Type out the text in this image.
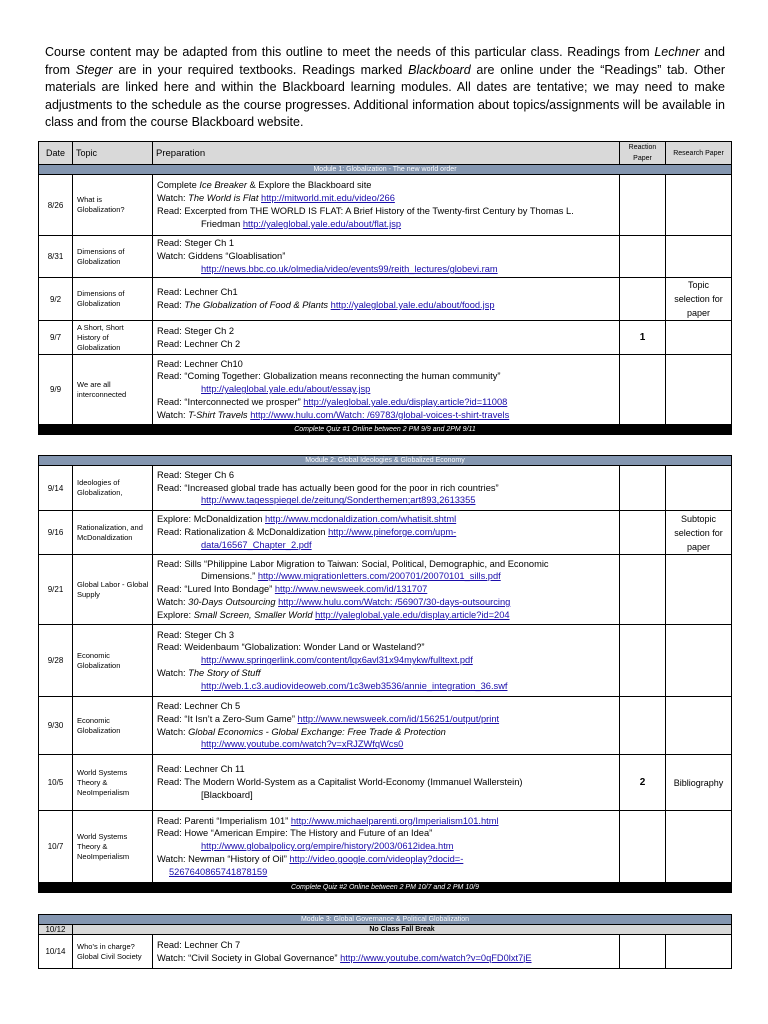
Course content may be adapted from this outline to meet the needs of this particular class. Readings from Lechner and from Steger are in your required textbooks. Readings marked Blackboard are online under the “Readings” tab. Other materials are linked here and within the Blackboard learning modules. All dates are tentative; we may need to make adjustments to the schedule as the course progresses. Additional information about topics/assignments will be available in class and from the course Blackboard website.
Date	Topic	Preparation	Reaction Paper	Research Paper
Module 1: Globalization - The new world order				
8/26	What is Globalization?	Complete Ice Breaker & Explore the Blackboard site
Watch: The World is Flat http://mitworld.mit.edu/video/266
Read: Excerpted from THE WORLD IS FLAT: A Brief History of the Twenty-first Century by Thomas L.
Friedman http://yaleglobal.yale.edu/about/flat.jsp		

8/31	Dimensions of Globalization	Read: Steger Ch 1
Watch: Giddens “Gloablisation”
http://news.bbc.co.uk/olmedia/video/events99/reith_lectures/globevi.ram		

9/2	Dimensions of Globalization	Read: Lechner Ch1
Read: The Globalization of Food & Plants http://yaleglobal.yale.edu/about/food.jsp		Topic selection for paper
9/7	A Short, Short History of Globalization	Read: Steger Ch 2
Read: Lechner Ch 2	1	
9/9	We are all interconnected	Read: Lechner Ch10
Read: “Coming Together: Globalization means reconnecting the human community”
http://yaleglobal.yale.edu/about/essay.jsp
Read: “Interconnected we prosper” http://yaleglobal.yale.edu/display.article?id=11008
Watch: T-Shirt Travels http://www.hulu.com/Watch: /69783/global-voices-t-shirt-travels		

Complete Quiz #1 Online between 2 PM 9/9 and 2PM 9/11				
Module 2: Global Ideologies & Globalized Economy				
9/14	Ideologies of Globalization,	Read: Steger Ch 6
Read: “Increased global trade has actually been good for the poor in rich countries”
http://www.tagesspiegel.de/zeitung/Sonderthemen;art893,2613355		

9/16	Rationalization, and McDonaldization	Explore: McDonaldization http://www.mcdonaldization.com/whatisit.shtml
Read: Rationalization & McDonaldization http://www.pineforge.com/upm-
data/16567_Chapter_2.pdf		Subtopic selection for paper
9/21	Global Labor - Global Supply	Read: Sills “Philippine Labor Migration to Taiwan: Social, Political, Demographic, and Economic
Dimensions.” http://www.migrationletters.com/200701/20070101_sills.pdf
Read: “Lured Into Bondage” http://www.newsweek.com/id/131707
Watch: 30-Days Outsourcing http://www.hulu.com/Watch: /56907/30-days-outsourcing
Explore: Small Screen, Smaller World http://yaleglobal.yale.edu/display.article?id=204		

9/28	Economic Globalization	Read: Steger Ch 3
Read: Weidenbaum “Globalization: Wonder Land or Wasteland?”
http://www.springerlink.com/content/lqx6avl31x94mykw/fulltext.pdf
Watch: The Story of Stuff
http://web.1.c3.audiovideoweb.com/1c3web3536/annie_integration_36.swf		

9/30	Economic Globalization	Read: Lechner Ch 5
Read: “It Isn’t a Zero-Sum Game” http://www.newsweek.com/id/156251/output/print
Watch: Global Economics - Global Exchange: Free Trade & Protection
http://www.youtube.com/watch?v=xRJZWfqWcs0		

10/5	World Systems Theory & NeoImperialism	Read: Lechner Ch 11
Read: The Modern World-System as a Capitalist World-Economy (Immanuel Wallerstein)
[Blackboard]	2	Bibliography
10/7	World Systems Theory & NeoImperialism	Read: Parenti “Imperialism 101” http://www.michaelparenti.org/Imperialism101.html
Read: Howe “American Empire: The History and Future of an Idea”
http://www.globalpolicy.org/empire/history/2003/0612idea.htm
Watch: Newman “History of Oil” http://video.google.com/videoplay?docid=-
5267640865741878159		

Complete Quiz #2 Online between 2 PM 10/7 and 2 PM 10/9				
Module 3: Global Governance & Political Globalization				
10/12	No Class Fall Break			
10/14	Who’s in charge? Global Civil Society	Read: Lechner Ch 7
Watch: “Civil Society in Global Governance” http://www.youtube.com/watch?v=0qFD0lxt7jE		
